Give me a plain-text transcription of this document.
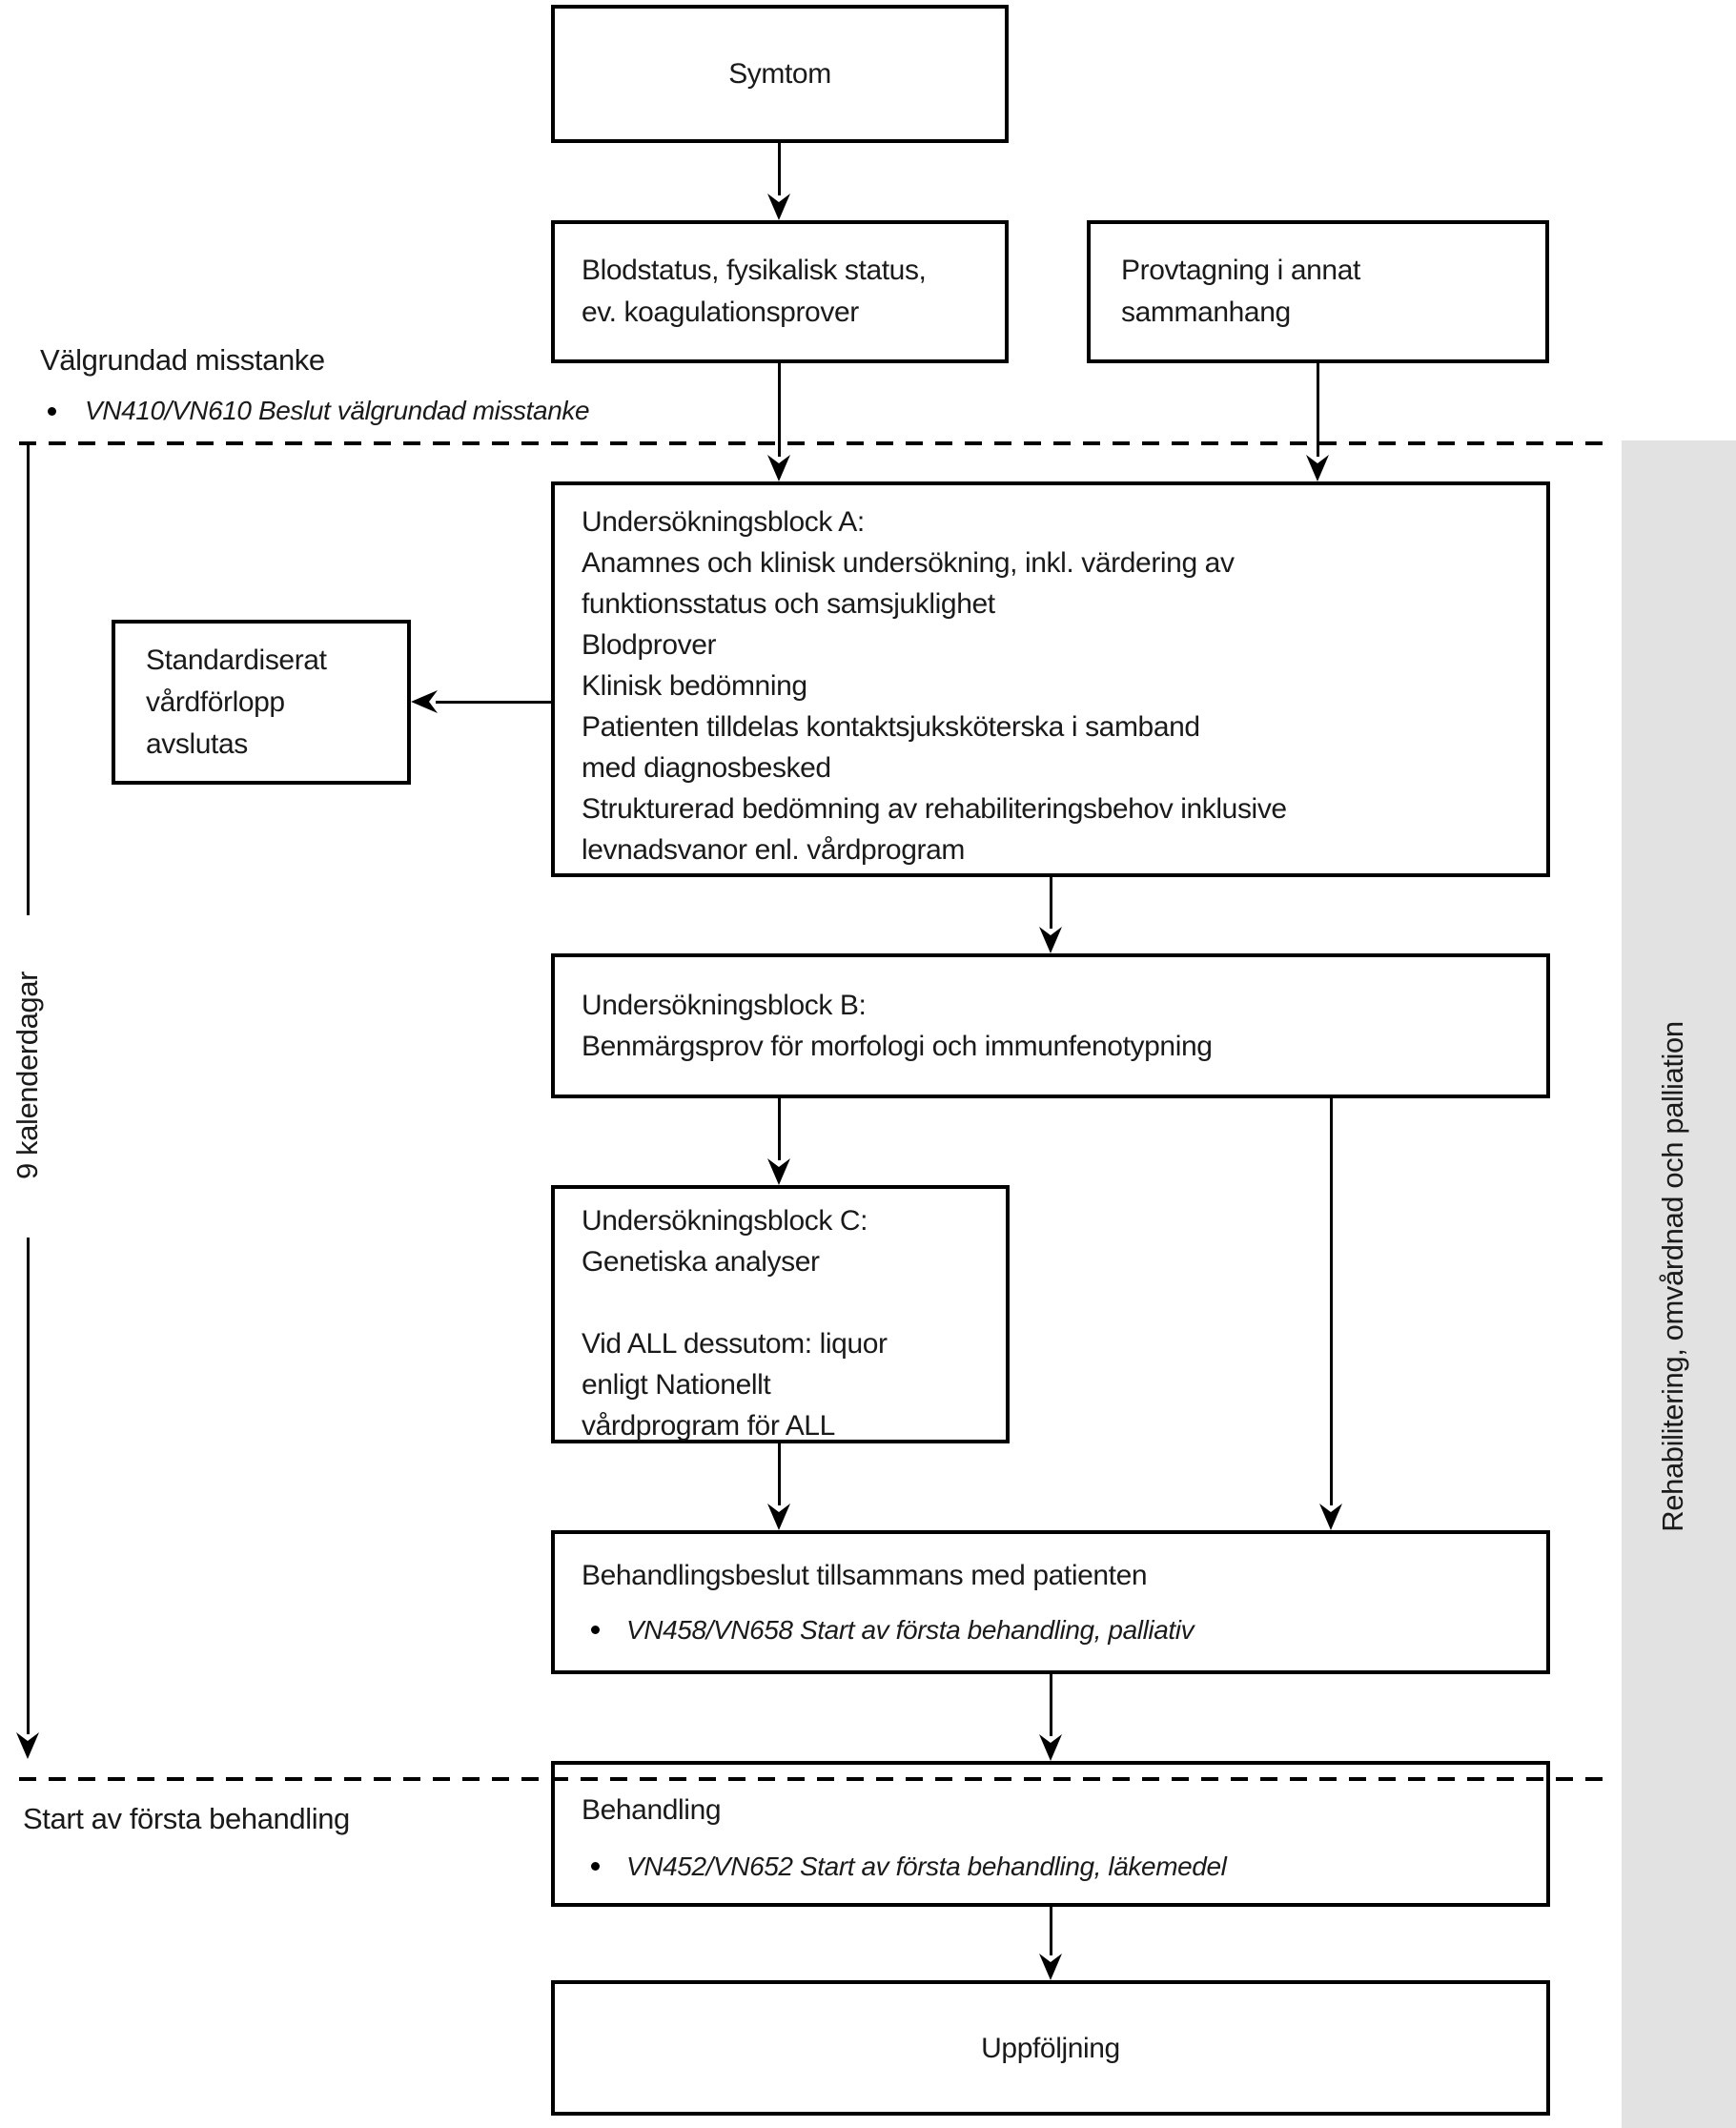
Rehabilitering, omvårdnad och palliation
9 kalenderdagar
Välgrundad misstanke
VN410/VN610 Beslut välgrundad misstanke
Start av första behandling
Symtom
Blodstatus, fysikalisk status,
ev. koagulationsprover
Provtagning i annat
sammanhang
Undersökningsblock A:
Anamnes och klinisk undersökning, inkl. värdering av
funktionsstatus och samsjuklighet
Blodprover
Klinisk bedömning
Patienten tilldelas kontaktsjuksköterska i samband
med diagnosbesked
Strukturerad bedömning av rehabiliteringsbehov inklusive
levnadsvanor enl. vårdprogram
Standardiserat
vårdförlopp
avslutas
Undersökningsblock B:
Benmärgsprov för morfologi och immunfenotypning
Undersökningsblock C:
Genetiska analyser
Vid ALL dessutom: liquor
enligt Nationellt
vårdprogram för ALL
Behandlingsbeslut tillsammans med patienten
VN458/VN658 Start av första behandling, palliativ
Behandling
VN452/VN652 Start av första behandling, läkemedel
Uppföljning
